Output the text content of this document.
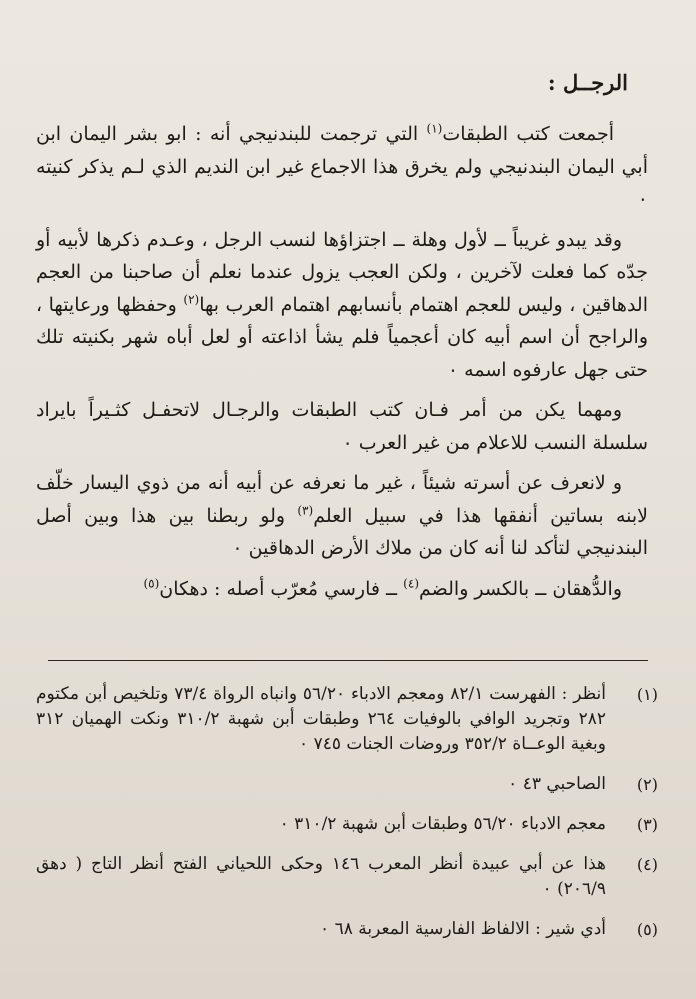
الرجــل :

أجمعت كتب الطبقات$^{(١)}$ التي ترجمت للبندنيجي أنه : ابو بشر اليمان ابن أبي اليمان البندنيجي ولم يخرق هذا الاجماع غير ابن النديم الذي لـم يذكر كنيته ٠

وقد يبدو غريباً ــ لأول وهلة ــ اجتزاؤها لنسب الرجل ، وعـدم ذكرها لأبيه أو جدّه كما فعلت لآخرين ، ولكن العجب يزول عندما نعلم أن صاحبنا من العجم الدهاقين ، وليس للعجم اهتمام بأنسابهم اهتمام العرب بها$^{(٢)}$ وحفظها ورعايتها ، والراجح أن اسم أبيه كان أعجمياً فلم يشأ اذاعته أو لعل أباه شهر بكنيته تلك حتى جهل عارفوه اسمه ٠

ومهما يكن من أمر فـان كتب الطبقات والرجـال لاتحفـل كثـيراً بايراد سلسلة النسب للاعلام من غير العرب ٠

و لانعرف عن أسرته شيئاً ، غير ما نعرفه عن أبيه أنه من ذوي اليسار خلّف لابنه بساتين أنفقها هذا في سبيل العلم$^{(٣)}$ ولو ربطنا بين هذا وبين أصل البندنيجي لتأكد لنا أنه كان من ملاك الأرض الدهاقين ٠

والدُّهقان ــ بالكسر والضم$^{(٤)}$ ــ فارسي مُعرّب أصله : دهكان$^{(٥)}$

(١)
أنظر : الفهرست ٨٢/١ ومعجم الادباء ٥٦/٢٠ وانباه الرواة ٧٣/٤ وتلخيص أبن مكتوم ٢٨٢ وتجريد الوافي بالوفيات ٢٦٤ وطبقات أبن شهبة ٣١٠/٢ ونكت الهميان ٣١٢ وبغية الوعــاة ٣٥٢/٢ وروضات الجنات ٧٤٥ ٠
(٢)
الصاحبي ٤٣ ٠
(٣)
معجم الادباء ٥٦/٢٠ وطبقات أبن شهبة ٣١٠/٢ ٠
(٤)
هذا عن أبي عبيدة أنظر المعرب ١٤٦ وحكى اللحياني الفتح أنظر التاج ( دهق ٢٠٦/٩) ٠
(٥)
أدي شير : الالفاظ الفارسية المعربة ٦٨ ٠
